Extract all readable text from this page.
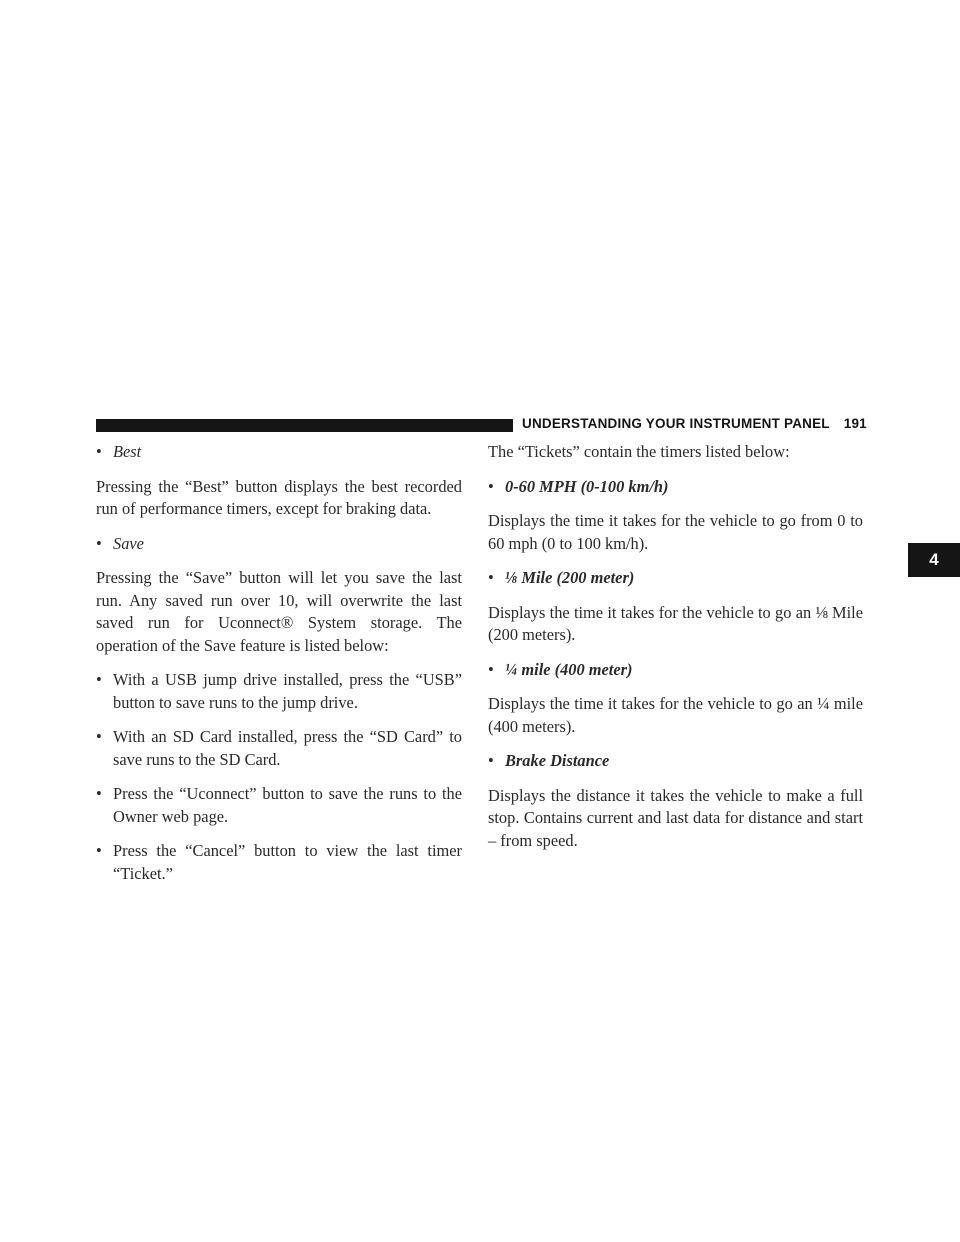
UNDERSTANDING YOUR INSTRUMENT PANEL 191
4
• Best

Pressing the “Best” button displays the best recorded run of performance timers, except for braking data.

• Save

Pressing the “Save” button will let you save the last run. Any saved run over 10, will overwrite the last saved run for Uconnect® System storage. The operation of the Save feature is listed below:

• With a USB jump drive installed, press the “USB” button to save runs to the jump drive.
• With an SD Card installed, press the “SD Card” to save runs to the SD Card.
• Press the “Uconnect” button to save the runs to the Owner web page.
• Press the “Cancel” button to view the last timer “Ticket.”

The “Tickets” contain the timers listed below:

• 0-60 MPH (0-100 km/h)

Displays the time it takes for the vehicle to go from 0 to 60 mph (0 to 100 km/h).

• ⅛ Mile (200 meter)

Displays the time it takes for the vehicle to go an ⅛ Mile (200 meters).

• ¼ mile (400 meter)

Displays the time it takes for the vehicle to go an ¼ mile (400 meters).

• Brake Distance

Displays the distance it takes the vehicle to make a full stop. Contains current and last data for distance and start – from speed.
